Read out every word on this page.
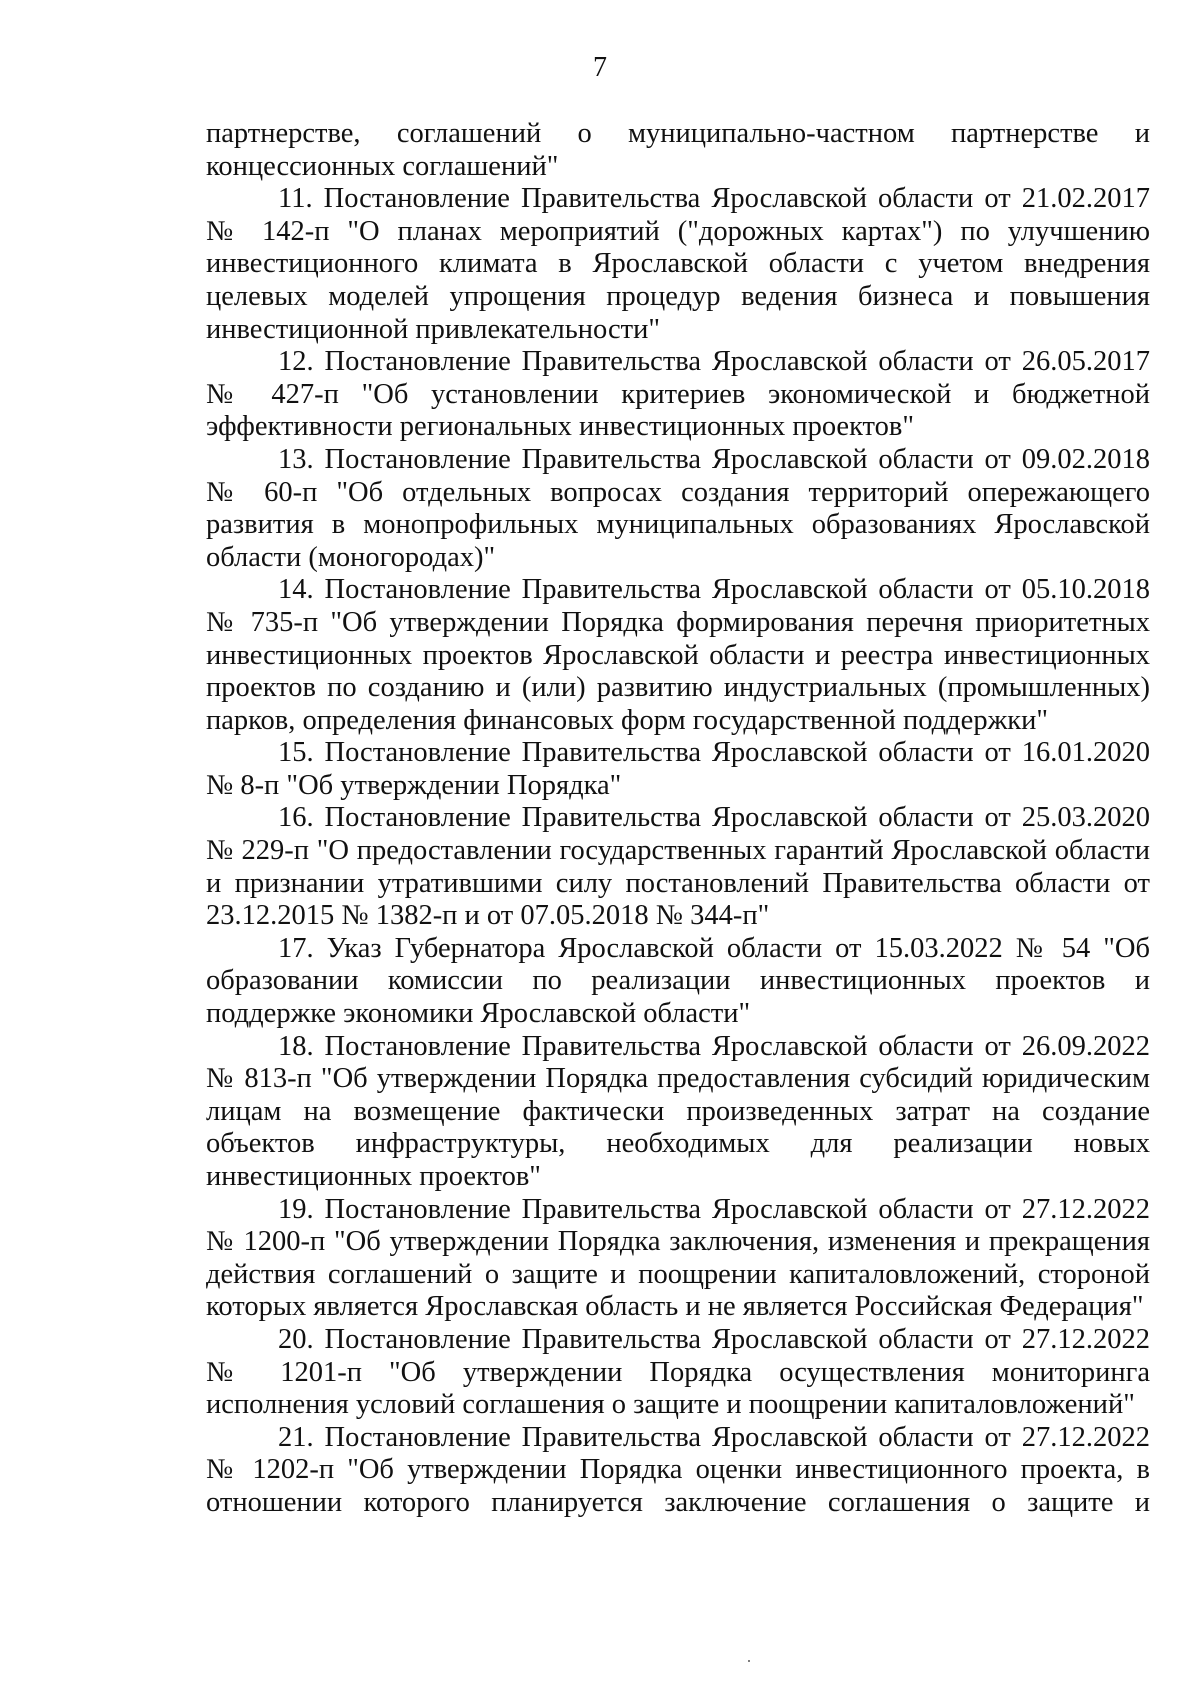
7

партнерстве, соглашений о муниципально-частном партнерстве и концессионных соглашений"

11. Постановление Правительства Ярославской области от 21.02.2017 № 142-п "О планах мероприятий ("дорожных картах") по улучшению инвестиционного климата в Ярославской области с учетом внедрения целевых моделей упрощения процедур ведения бизнеса и повышения инвестиционной привлекательности"

12. Постановление Правительства Ярославской области от 26.05.2017 № 427-п "Об установлении критериев экономической и бюджетной эффективности региональных инвестиционных проектов"

13. Постановление Правительства Ярославской области от 09.02.2018 № 60-п "Об отдельных вопросах создания территорий опережающего развития в монопрофильных муниципальных образованиях Ярославской области (моногородах)"

14. Постановление Правительства Ярославской области от 05.10.2018 № 735-п "Об утверждении Порядка формирования перечня приоритетных инвестиционных проектов Ярославской области и реестра инвестиционных проектов по созданию и (или) развитию индустриальных (промышленных) парков, определения финансовых форм государственной поддержки"

15. Постановление Правительства Ярославской области от 16.01.2020 № 8-п "Об утверждении Порядка"

16. Постановление Правительства Ярославской области от 25.03.2020 № 229-п "О предоставлении государственных гарантий Ярославской области и признании утратившими силу постановлений Правительства области от 23.12.2015 № 1382-п и от 07.05.2018 № 344-п"

17. Указ Губернатора Ярославской области от 15.03.2022 № 54 "Об образовании комиссии по реализации инвестиционных проектов и поддержке экономики Ярославской области"

18. Постановление Правительства Ярославской области от 26.09.2022 № 813-п "Об утверждении Порядка предоставления субсидий юридическим лицам на возмещение фактически произведенных затрат на создание объектов инфраструктуры, необходимых для реализации новых инвестиционных проектов"

19. Постановление Правительства Ярославской области от 27.12.2022 № 1200-п "Об утверждении Порядка заключения, изменения и прекращения действия соглашений о защите и поощрении капиталовложений, стороной которых является Ярославская область и не является Российская Федерация"

20. Постановление Правительства Ярославской области от 27.12.2022 № 1201-п "Об утверждении Порядка осуществления мониторинга исполнения условий соглашения о защите и поощрении капиталовложений"

21. Постановление Правительства Ярославской области от 27.12.2022 № 1202-п "Об утверждении Порядка оценки инвестиционного проекта, в отношении которого планируется заключение соглашения о защите и
